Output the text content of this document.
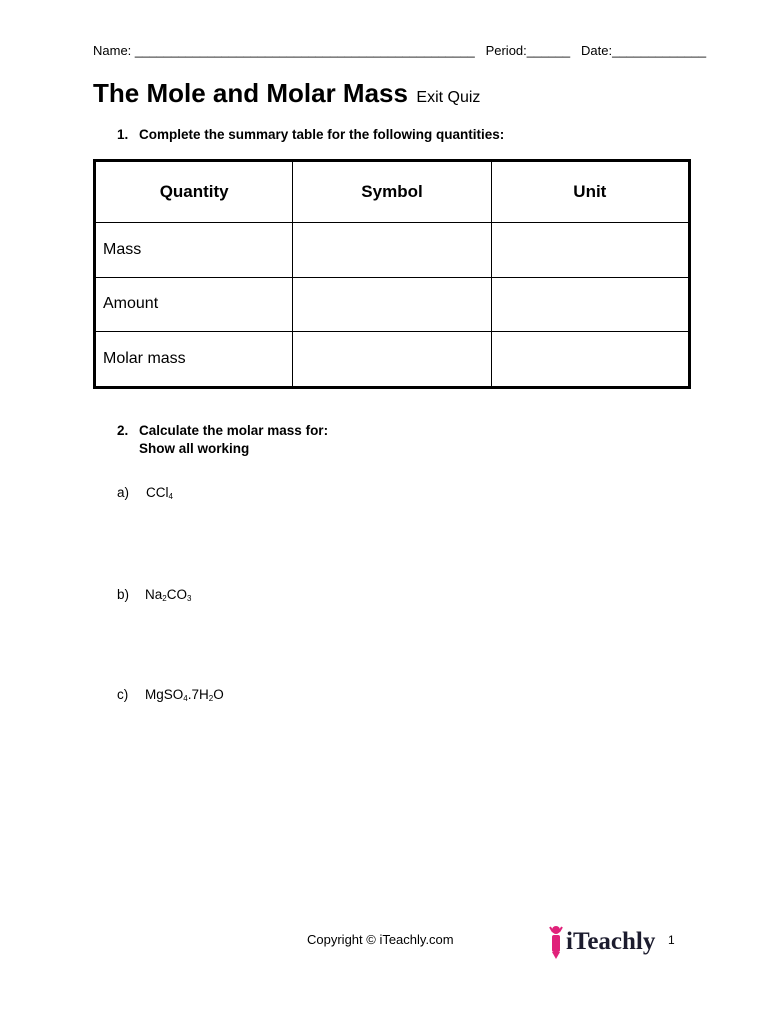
Name: _______________________________________________ Period:______ Date:_____________
The Mole and Molar Mass Exit Quiz
1. Complete the summary table for the following quantities:
Quantity	Symbol	Unit
Mass		
Amount		
Molar mass		
2. Calculate the molar mass for:
Show all working
a) CCl$_4$
b) $Na_2CO_3$
c) $MgSO_4.7H_2O$
Copyright © iTeachly.com	iTeachly 1
